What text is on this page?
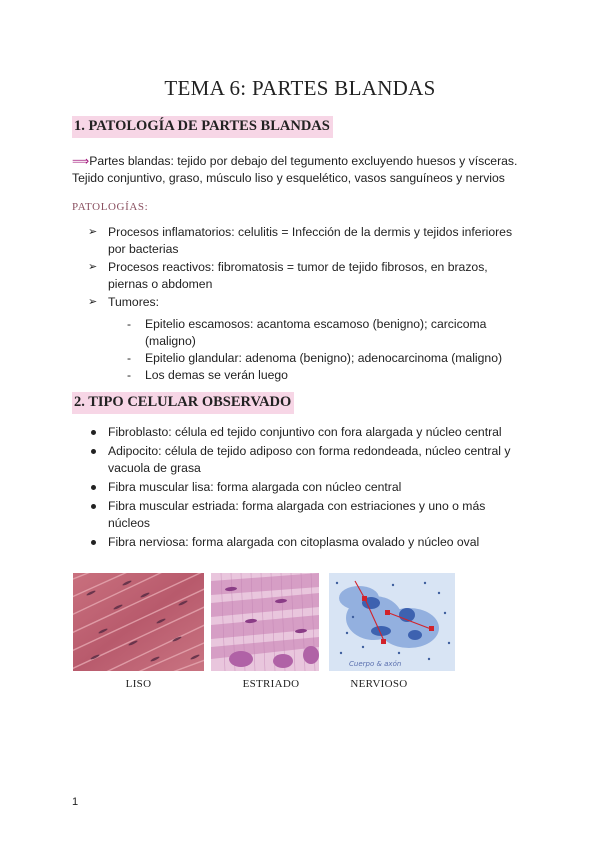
TEMA 6: PARTES BLANDAS
1. PATOLOGÍA DE PARTES BLANDAS
⟹Partes blandas: tejido por debajo del tegumento excluyendo huesos y vísceras.
Tejido conjuntivo, graso, músculo liso y esquelético, vasos sanguíneos y nervios
PATOLOGÍAS:
➢ Procesos inflamatorios: celulitis = Infección de la dermis y tejidos inferiores por bacterias
➢ Procesos reactivos: fibromatosis = tumor de tejido fibrosos, en brazos, piernas o abdomen
➢ Tumores:
- Epitelio escamosos: acantoma escamoso (benigno); carcicoma (maligno)
- Epitelio glandular: adenoma (benigno); adenocarcinoma (maligno)
- Los demas se verán luego
2. TIPO CELULAR OBSERVADO
Fibroblasto: célula ed tejido conjuntivo con fora alargada y núcleo central
Adipocito: célula de tejido adiposo con forma redondeada, núcleo central y vacuola de grasa
Fibra muscular lisa: forma alargada con núcleo central
Fibra muscular estriada: forma alargada con estriaciones y uno o más núcleos
Fibra nerviosa: forma alargada con citoplasma ovalado y núcleo oval
Cuerpo & axón
LISO	ESTRIADO	NERVIOSO
1
